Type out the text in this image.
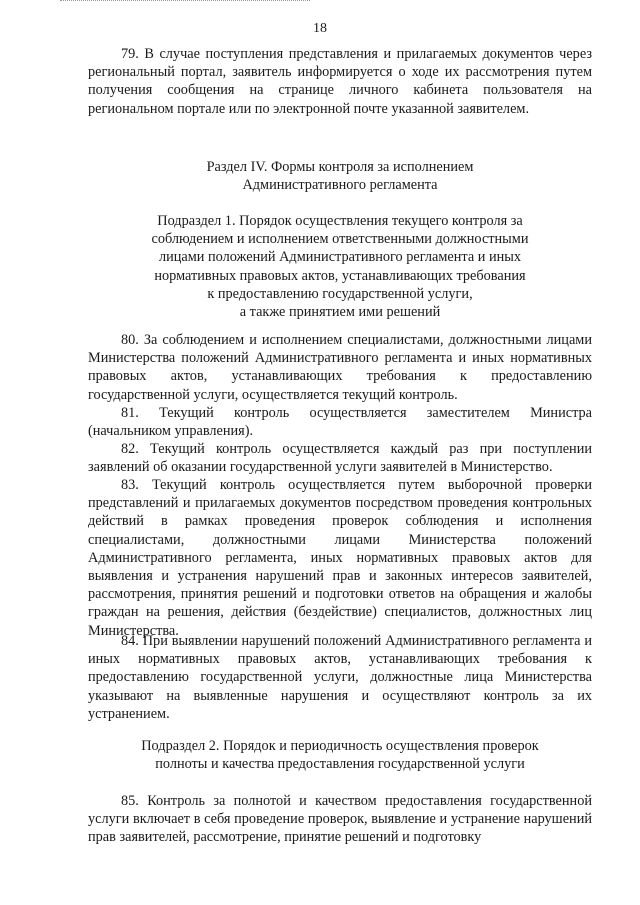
18

79. В случае поступления представления и прилагаемых документов через региональный портал, заявитель информируется о ходе их рассмотрения путем получения сообщения на странице личного кабинета пользователя на региональном портале или по электронной почте указанной заявителем.

Раздел IV. Формы контроля за исполнением
Административного регламента
Подраздел 1. Порядок осуществления текущего контроля за
соблюдением и исполнением ответственными должностными
лицами положений Административного регламента и иных
нормативных правовых актов, устанавливающих требования
к предоставлению государственной услуги,
а также принятием ими решений

80. За соблюдением и исполнением специалистами, должностными лицами Министерства положений Административного регламента и иных нормативных правовых актов, устанавливающих требования к предоставлению государственной услуги, осуществляется текущий контроль.

81. Текущий контроль осуществляется заместителем Министра (начальником управления).

82. Текущий контроль осуществляется каждый раз при поступлении заявлений об оказании государственной услуги заявителей в Министерство.

83. Текущий контроль осуществляется путем выборочной проверки представлений и прилагаемых документов посредством проведения контрольных действий в рамках проведения проверок соблюдения и исполнения специалистами, должностными лицами Министерства положений Административного регламента, иных нормативных правовых актов для выявления и устранения нарушений прав и законных интересов заявителей, рассмотрения, принятия решений и подготовки ответов на обращения и жалобы граждан на решения, действия (бездействие) специалистов, должностных лиц Министерства.

84. При выявлении нарушений положений Административного регламента и иных нормативных правовых актов, устанавливающих требования к предоставлению государственной услуги, должностные лица Министерства указывают на выявленные нарушения и осуществляют контроль за их устранением.

Подраздел 2. Порядок и периодичность осуществления проверок
полноты и качества предоставления государственной услуги

85. Контроль за полнотой и качеством предоставления государственной услуги включает в себя проведение проверок, выявление и устранение нарушений прав заявителей, рассмотрение, принятие решений и подготовку
